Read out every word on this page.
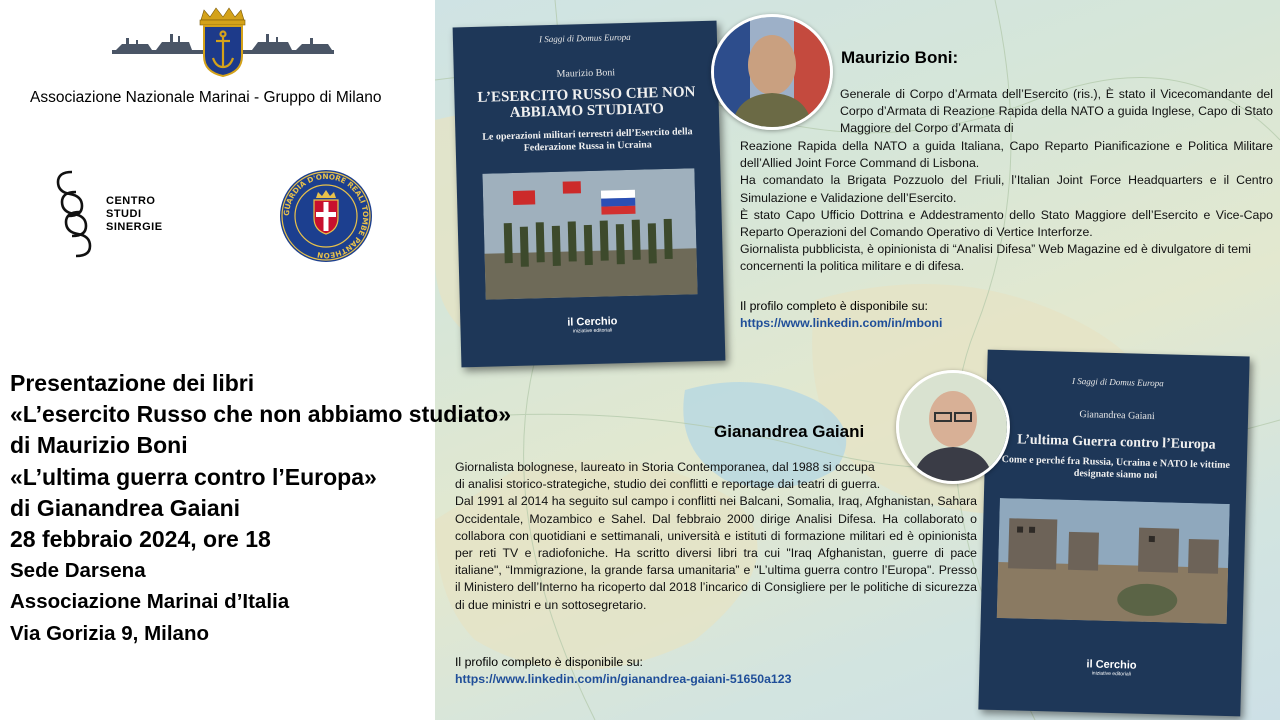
Associazione Nazionale Marinai - Gruppo di Milano
CENTRO
STUDI
SINERGIE
GUARDIA D'ONORE REALI TOMBE PANTHEON
Presentazione dei libri
«L’esercito Russo che non abbiamo studiato»
di Maurizio Boni
«L’ultima guerra contro l’Europa»
di Gianandrea Gaiani
28 febbraio 2024, ore 18
Sede Darsena
Associazione Marinai d’Italia
Via Gorizia 9, Milano
I Saggi di Domus Europa
Maurizio Boni
L’ESERCITO RUSSO CHE NON ABBIAMO STUDIATO
Le operazioni militari terrestri dell’Esercito della Federazione Russa in Ucraina
il Cerchio
iniziative editoriali
I Saggi di Domus Europa
Gianandrea Gaiani
L’ultima Guerra contro l’Europa
Come e perché fra Russia, Ucraina e NATO le vittime designate siamo noi
il Cerchio
iniziative editoriali
Maurizio Boni:
Generale di Corpo d’Armata dell’Esercito (ris.), È stato il Vicecomandante del Corpo d’Armata di Reazione Rapida della NATO a guida Inglese, Capo di Stato Maggiore del Corpo d’Armata di

Reazione Rapida della NATO a guida Italiana, Capo Reparto Pianificazione e Politica Militare dell’Allied Joint Force Command di Lisbona.

Ha comandato la Brigata Pozzuolo del Friuli, l’Italian Joint Force Headquarters e il Centro Simulazione e Validazione dell’Esercito.

È stato Capo Ufficio Dottrina e Addestramento dello Stato Maggiore dell’Esercito e Vice-Capo Reparto Operazioni del Comando Operativo di Vertice Interforze.

Giornalista pubblicista, è opinionista di “Analisi Difesa” Web Magazine ed è divulgatore di temi concernenti la politica militare e di difesa.

Il profilo completo è disponibile su:
https://www.linkedin.com/in/mboni
Gianandrea Gaiani
Giornalista bolognese, laureato in Storia Contemporanea, dal 1988 si occupa di analisi storico-strategiche, studio dei conflitti e reportage dai teatri di guerra.
Dal 1991 al 2014 ha seguito sul campo i conflitti nei Balcani, Somalia, Iraq, Afghanistan, Sahara Occidentale, Mozambico e Sahel. Dal febbraio 2000 dirige Analisi Difesa. Ha collaborato o collabora con quotidiani e settimanali, università e istituti di formazione militari ed è opinionista per reti TV e radiofoniche. Ha scritto diversi libri tra cui "Iraq Afghanistan, guerre di pace italiane", “Immigrazione, la grande farsa umanitaria” e "L’ultima guerra contro l’Europa". Presso il Ministero dell’Interno ha ricoperto dal 2018 l’incarico di Consigliere per le politiche di sicurezza di due ministri e un sottosegretario.
Il profilo completo è disponibile su:
https://www.linkedin.com/in/gianandrea-gaiani-51650a123
